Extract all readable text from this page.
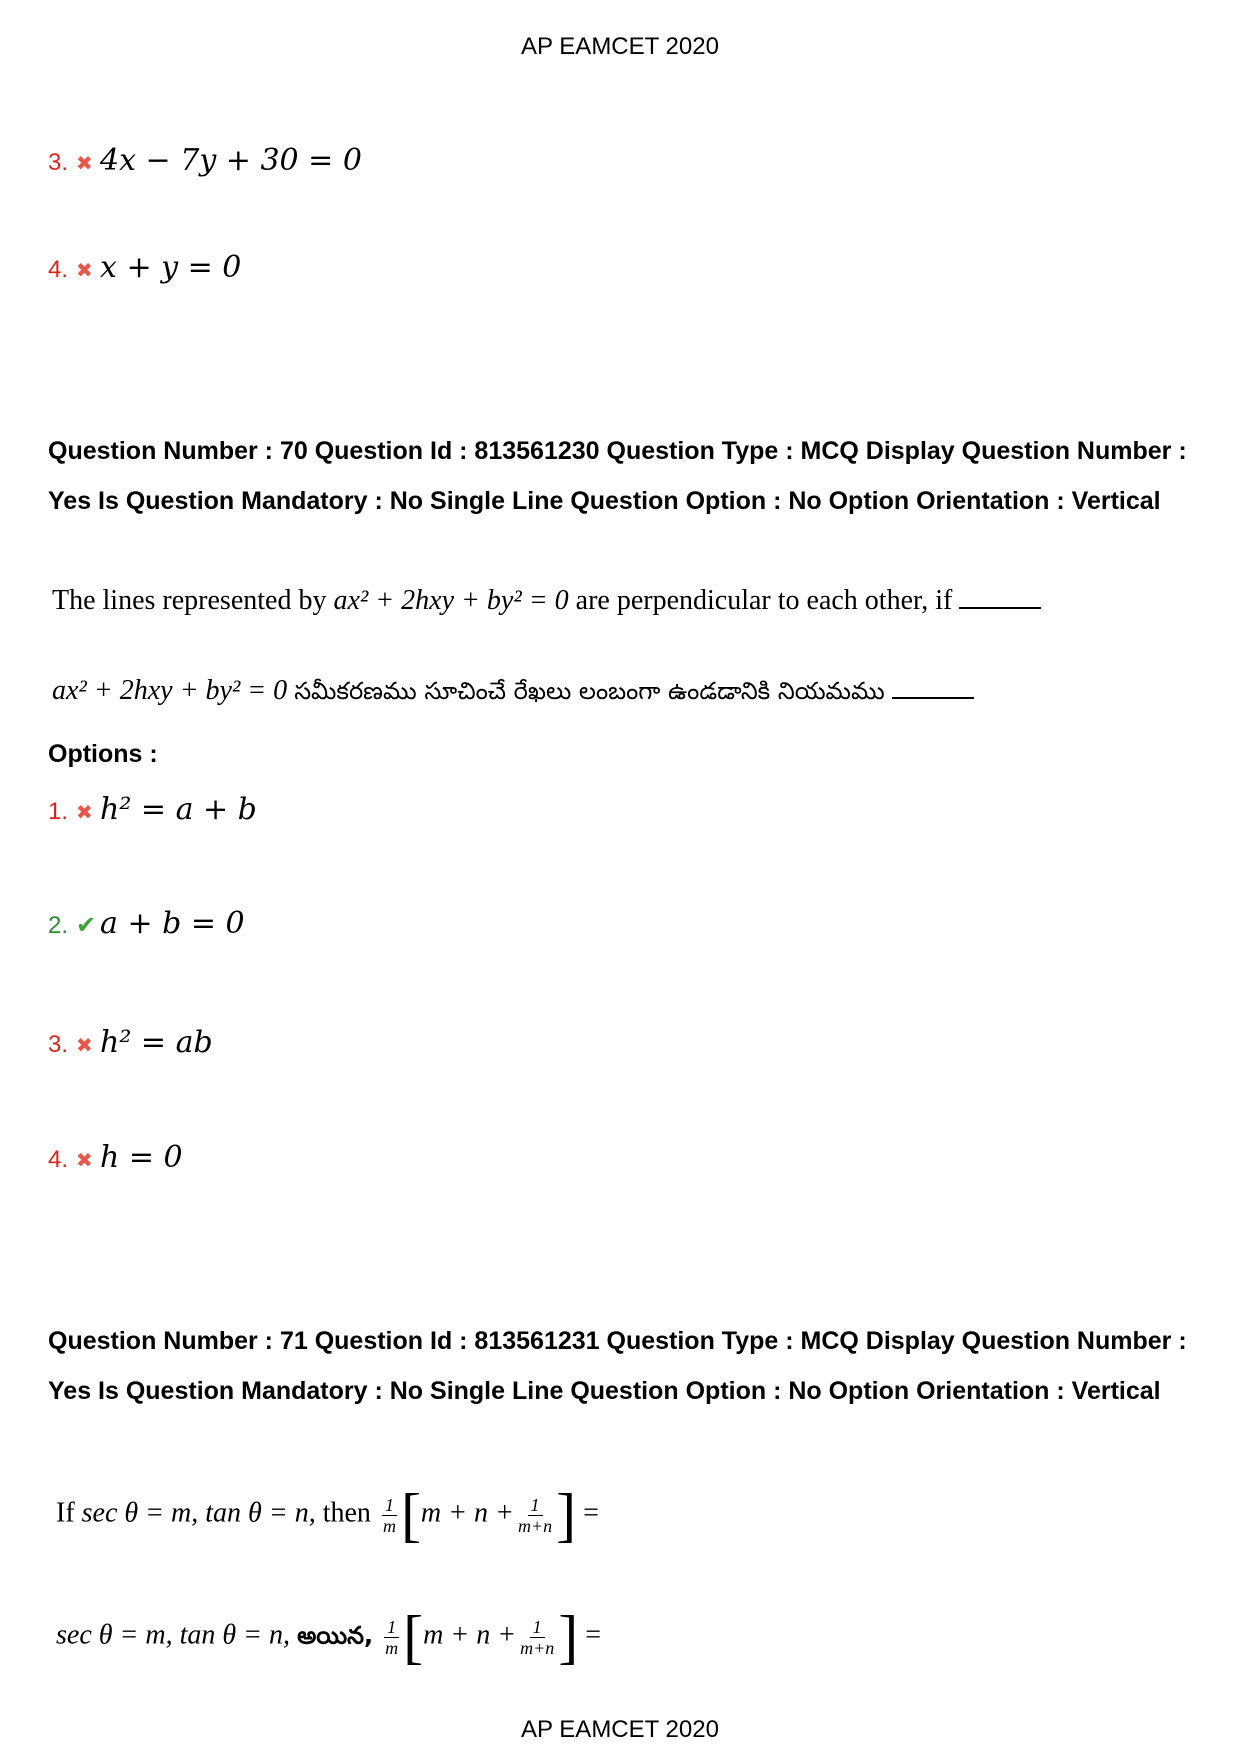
AP EAMCET 2020
3. ✖ 4x − 7y + 30 = 0
4. ✖ x + y = 0
Question Number : 70 Question Id : 813561230 Question Type : MCQ Display Question Number : Yes Is Question Mandatory : No Single Line Question Option : No Option Orientation : Vertical
The lines represented by ax² + 2hxy + by² = 0 are perpendicular to each other, if
ax² + 2hxy + by² = 0 సమీకరణము సూచించే రేఖలు లంబంగా ఉండడానికి నియమము
Options :
1. ✖ h² = a + b
2. ✔ a + b = 0
3. ✖ h² = ab
4. ✖ h = 0
Question Number : 71 Question Id : 813561231 Question Type : MCQ Display Question Number : Yes Is Question Mandatory : No Single Line Question Option : No Option Orientation : Vertical
If sec θ = m, tan θ = n, then $\frac{1}{m} [m + n + \frac{1}{m+n}$ ] =
sec θ = m, tan θ = n, అయిన, $\frac{1}{m} [m + n + \frac{1}{m+n}$ ] =
AP EAMCET 2020
